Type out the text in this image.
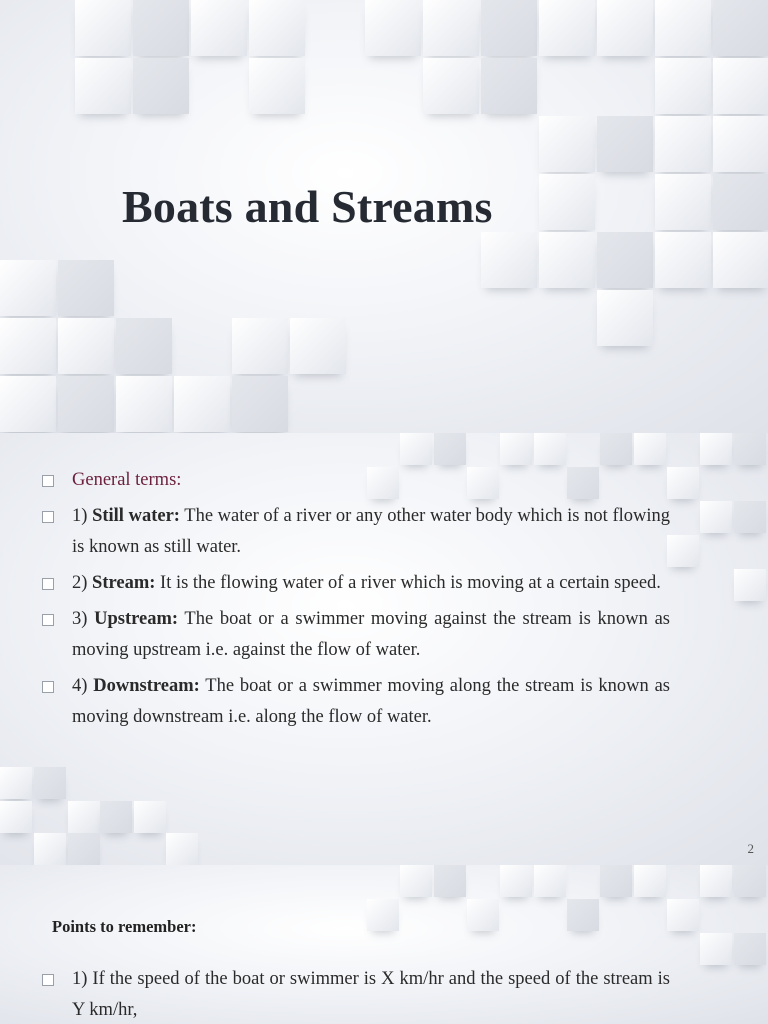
Boats and Streams
General terms:
1) Still water: The water of a river or any other water body which is not flowing is known as still water.
2) Stream: It is the flowing water of a river which is moving at a certain speed.
3) Upstream: The boat or a swimmer moving against the stream is known as moving upstream i.e. against the flow of water.
4) Downstream: The boat or a swimmer moving along the stream is known as moving downstream i.e. along the flow of water.
2
Points to remember:
1) If the speed of the boat or swimmer is X km/hr and the speed of the stream is Y km/hr,
